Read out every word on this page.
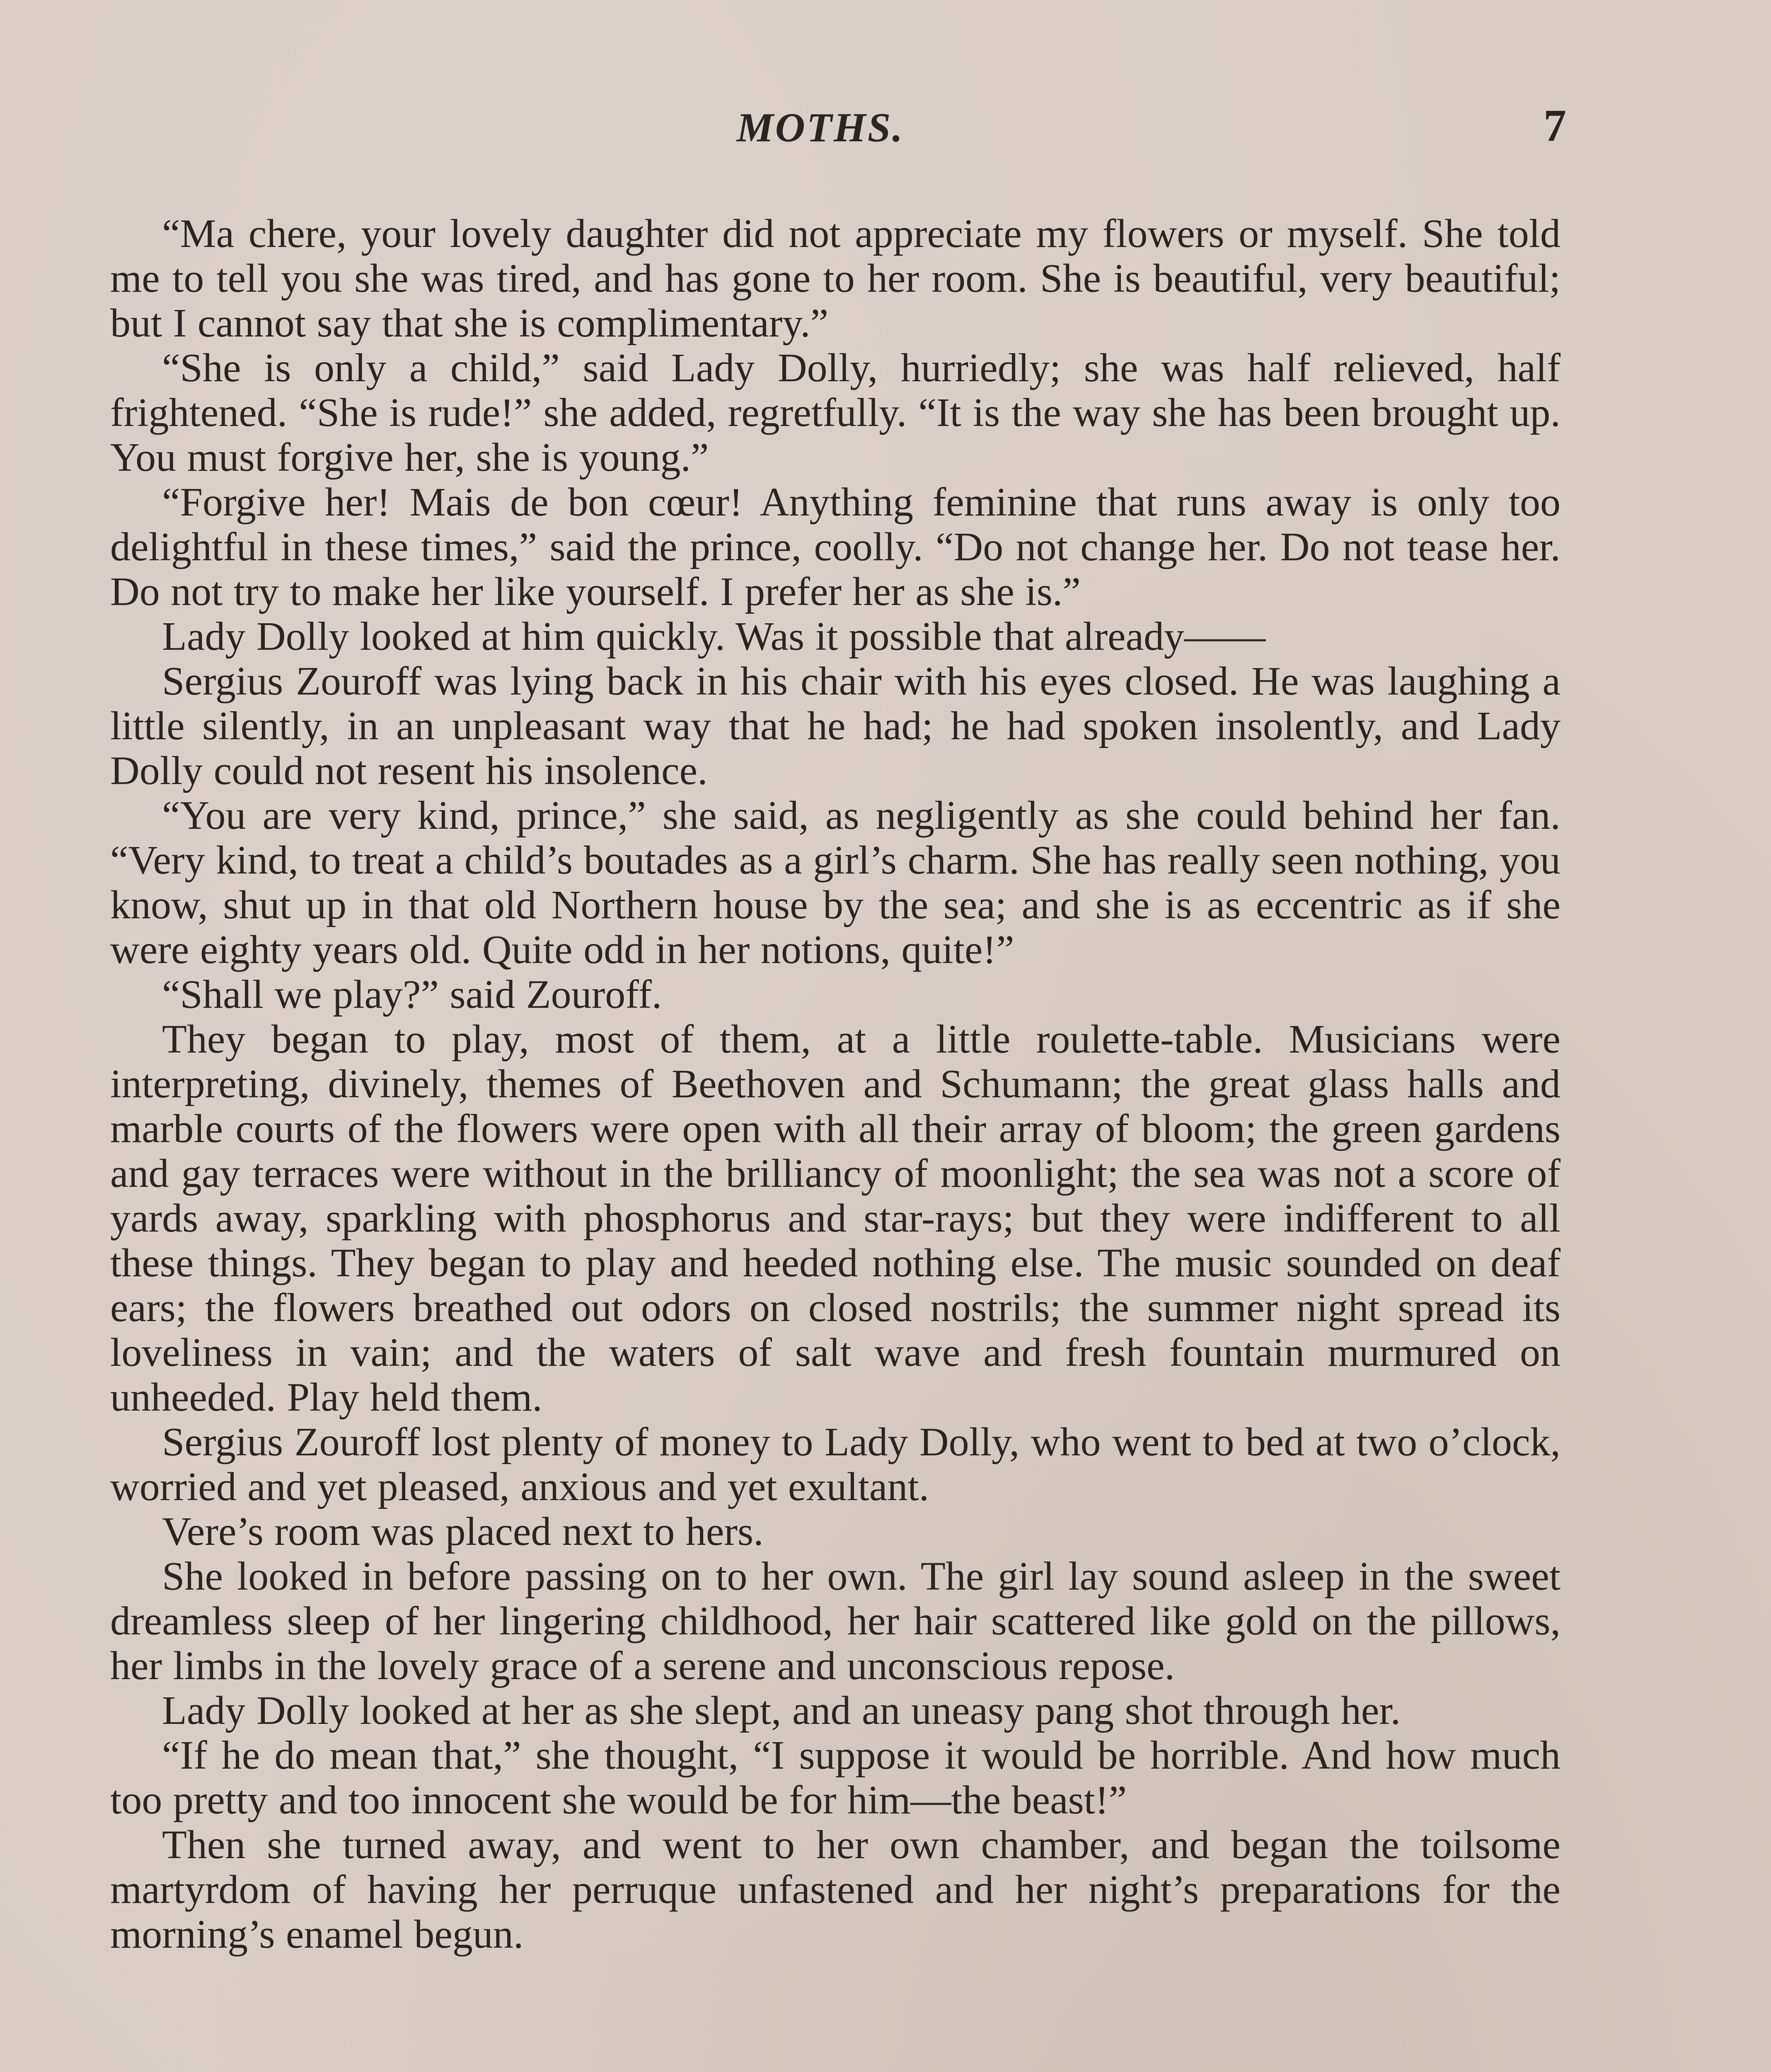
MOTHS.	7

“Ma chere, your lovely daughter did not appreciate my flowers or myself. She told me to tell you she was tired, and has gone to her room. She is beautiful, very beautiful; but I cannot say that she is complimentary.”

“She is only a child,” said Lady Dolly, hurriedly; she was half relieved, half frightened. “She is rude!” she added, regretfully. “It is the way she has been brought up. You must forgive her, she is young.”

“Forgive her! Mais de bon cœur! Anything feminine that runs away is only too delightful in these times,” said the prince, coolly. “Do not change her. Do not tease her. Do not try to make her like yourself. I prefer her as she is.”

Lady Dolly looked at him quickly. Was it possible that already——

Sergius Zouroff was lying back in his chair with his eyes closed. He was laughing a little silently, in an unpleasant way that he had; he had spoken insolently, and Lady Dolly could not resent his insolence.

“You are very kind, prince,” she said, as negligently as she could behind her fan. “Very kind, to treat a child’s boutades as a girl’s charm. She has really seen nothing, you know, shut up in that old Northern house by the sea; and she is as eccentric as if she were eighty years old. Quite odd in her notions, quite!”

“Shall we play?” said Zouroff.

They began to play, most of them, at a little roulette-table. Musicians were interpreting, divinely, themes of Beethoven and Schumann; the great glass halls and marble courts of the flowers were open with all their array of bloom; the green gardens and gay terraces were without in the brilliancy of moonlight; the sea was not a score of yards away, sparkling with phosphorus and star-rays; but they were indifferent to all these things. They began to play and heeded nothing else. The music sounded on deaf ears; the flowers breathed out odors on closed nostrils; the summer night spread its loveliness in vain; and the waters of salt wave and fresh fountain murmured on unheeded. Play held them.

Sergius Zouroff lost plenty of money to Lady Dolly, who went to bed at two o’clock, worried and yet pleased, anxious and yet exultant.

Vere’s room was placed next to hers.

She looked in before passing on to her own. The girl lay sound asleep in the sweet dreamless sleep of her lingering childhood, her hair scattered like gold on the pillows, her limbs in the lovely grace of a serene and unconscious repose.

Lady Dolly looked at her as she slept, and an uneasy pang shot through her.

“If he do mean that,” she thought, “I suppose it would be horrible. And how much too pretty and too innocent she would be for him—the beast!”

Then she turned away, and went to her own chamber, and began the toilsome martyrdom of having her perruque unfastened and her night’s preparations for the morning’s enamel begun.
